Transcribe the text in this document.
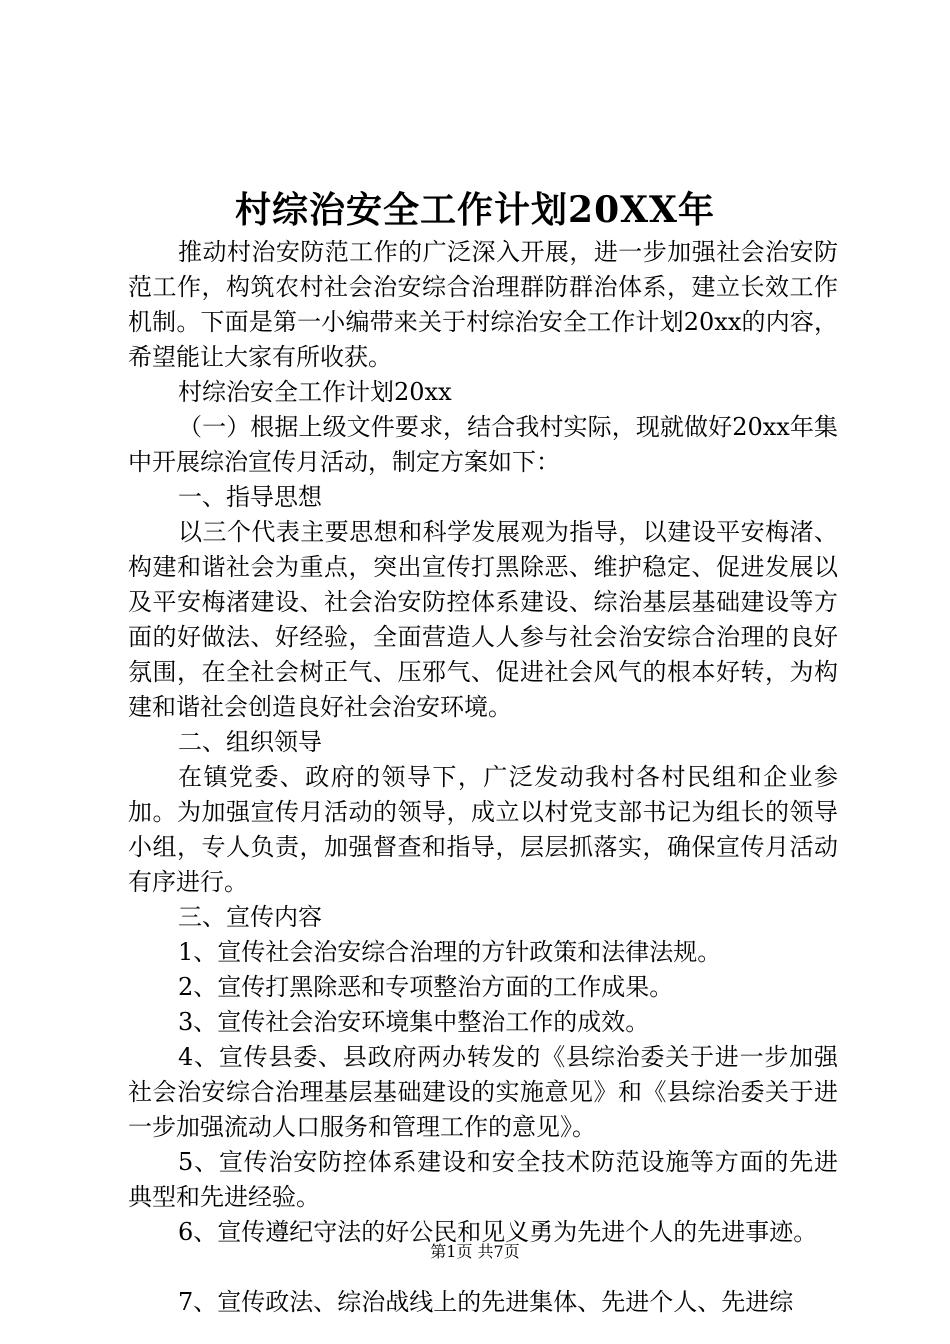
村综治安全工作计划20XX年

推动村治安防范工作的广泛深入开展，进一步加强社会治安防范工作，构筑农村社会治安综合治理群防群治体系，建立长效工作机制。下面是第一小编带来关于村综治安全工作计划20xx的内容，希望能让大家有所收获。

村综治安全工作计划20xx

（一）根据上级文件要求，结合我村实际，现就做好20xx年集中开展综治宣传月活动，制定方案如下：

一、指导思想

以三个代表主要思想和科学发展观为指导，以建设平安梅渚、构建和谐社会为重点，突出宣传打黑除恶、维护稳定、促进发展以及平安梅渚建设、社会治安防控体系建设、综治基层基础建设等方面的好做法、好经验，全面营造人人参与社会治安综合治理的良好氛围，在全社会树正气、压邪气、促进社会风气的根本好转，为构建和谐社会创造良好社会治安环境。

二、组织领导

在镇党委、政府的领导下，广泛发动我村各村民组和企业参加。为加强宣传月活动的领导，成立以村党支部书记为组长的领导小组，专人负责，加强督查和指导，层层抓落实，确保宣传月活动有序进行。

三、宣传内容

1、宣传社会治安综合治理的方针政策和法律法规。

2、宣传打黑除恶和专项整治方面的工作成果。

3、宣传社会治安环境集中整治工作的成效。

4、宣传县委、县政府两办转发的《县综治委关于进一步加强社会治安综合治理基层基础建设的实施意见》和《县综治委关于进一步加强流动人口服务和管理工作的意见》。

5、宣传治安防控体系建设和安全技术防范设施等方面的先进典型和先进经验。

6、宣传遵纪守法的好公民和见义勇为先进个人的先进事迹。

7、宣传政法、综治战线上的先进集体、先进个人、先进综

第1页 共7页
